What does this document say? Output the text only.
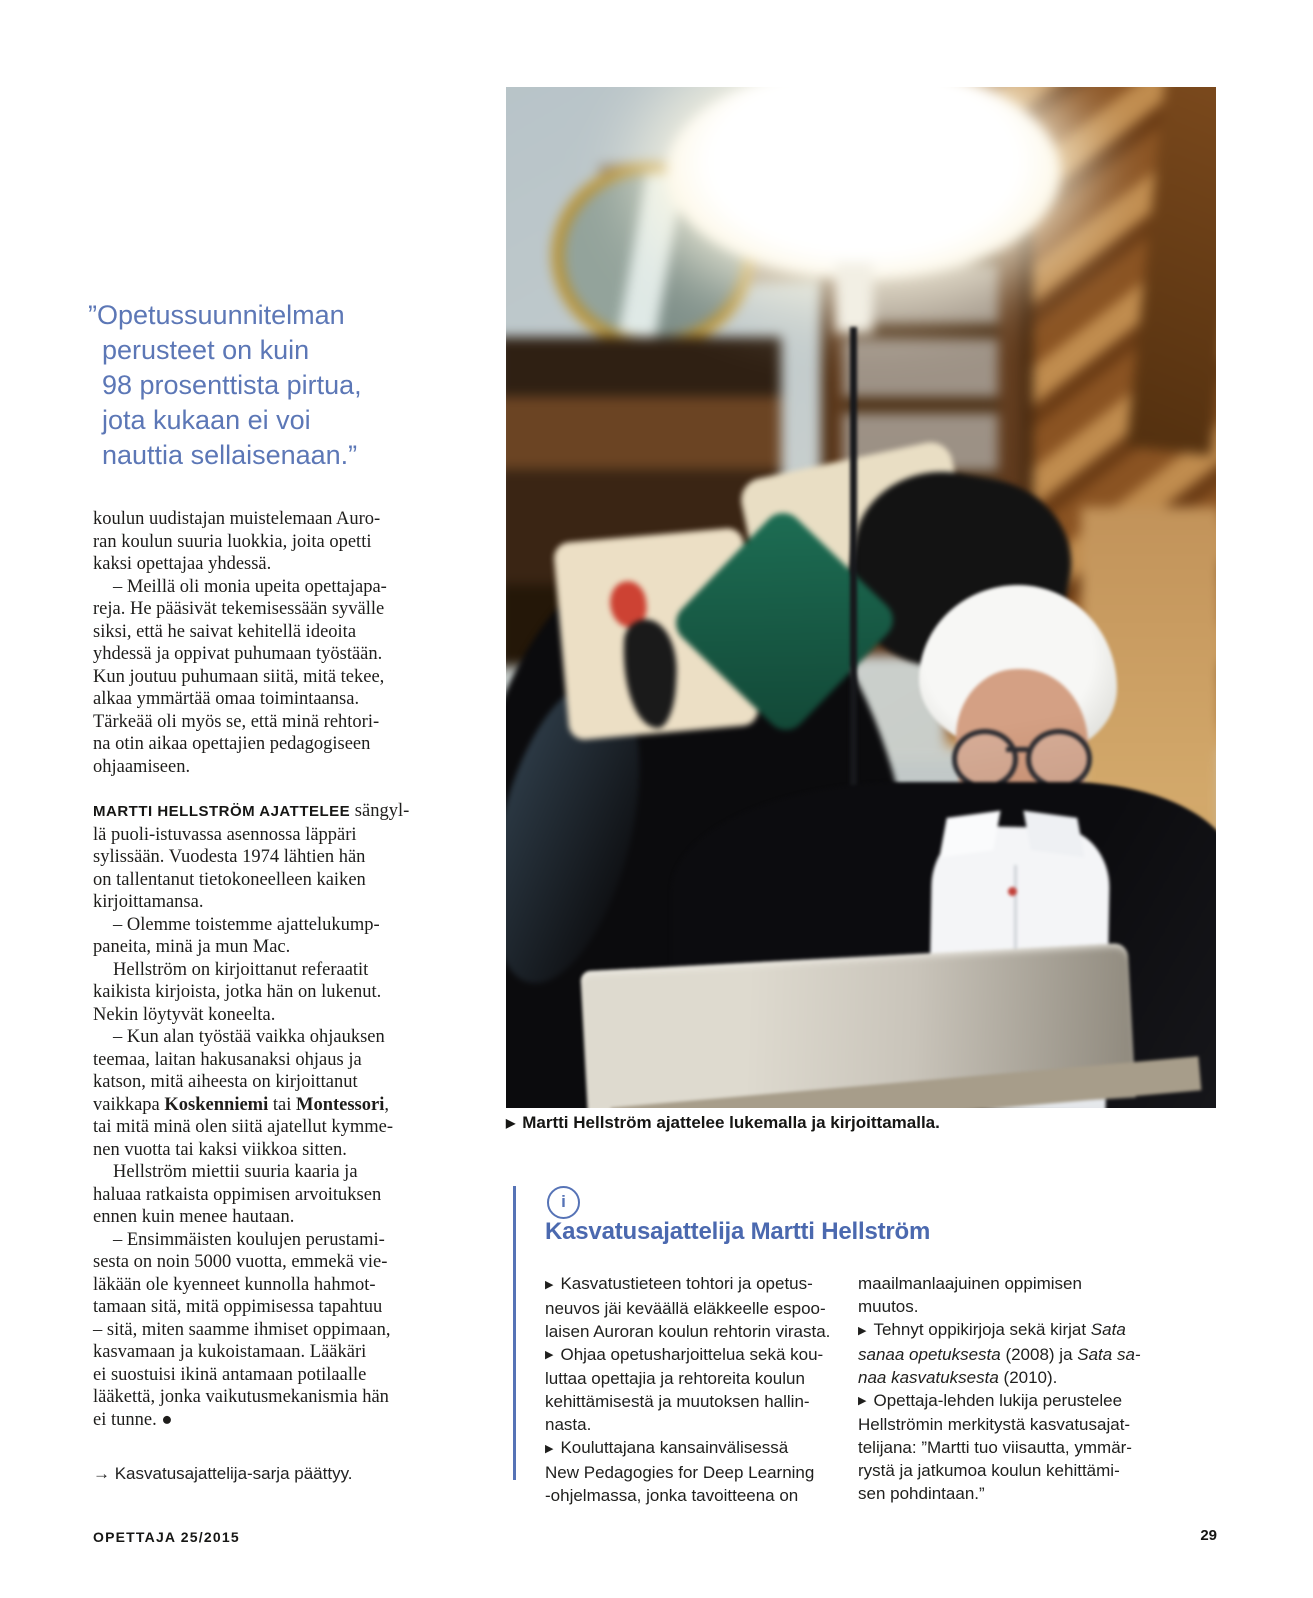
”Opetussuunnitelman
perusteet on kuin
98 prosenttista pirtua,
jota kukaan ei voi
nauttia sellaisenaan.”

koulun uudistajan muistelemaan Auro-
ran koulun suuria luokkia, joita opetti
kaksi opettajaa yhdessä.

– Meillä oli monia upeita opettajapa-
reja. He pääsivät tekemisessään syvälle
siksi, että he saivat kehitellä ideoita
yhdessä ja oppivat puhumaan työstään.
Kun joutuu puhumaan siitä, mitä tekee,
alkaa ymmärtää omaa toimintaansa.
Tärkeää oli myös se, että minä rehtori-
na otin aikaa opettajien pedagogiseen
ohjaamiseen.

MARTTI HELLSTRÖM AJATTELEE sängyl-
lä puoli-istuvassa asennossa läppäri
sylissään. Vuodesta 1974 lähtien hän
on tallentanut tietokoneelleen kaiken
kirjoittamansa.

– Olemme toistemme ajattelukump-
paneita, minä ja mun Mac.

Hellström on kirjoittanut referaatit
kaikista kirjoista, jotka hän on lukenut.
Nekin löytyvät koneelta.

– Kun alan työstää vaikka ohjauksen
teemaa, laitan hakusanaksi ohjaus ja
katson, mitä aiheesta on kirjoittanut
vaikkapa Koskenniemi tai Montessori,
tai mitä minä olen siitä ajatellut kymme-
nen vuotta tai kaksi viikkoa sitten.

Hellström miettii suuria kaaria ja
haluaa ratkaista oppimisen arvoituksen
ennen kuin menee hautaan.

– Ensimmäisten koulujen perustami-
sesta on noin 5000 vuotta, emmekä vie-
läkään ole kyenneet kunnolla hahmot-
tamaan sitä, mitä oppimisessa tapahtuu
– sitä, miten saamme ihmiset oppimaan,
kasvamaan ja kukoistamaan. Lääkäri
ei suostuisi ikinä antamaan potilaalle
lääkettä, jonka vaikutusmekanismia hän
ei tunne. ●

→ Kasvatusajattelija-sarja päättyy.
▶ Martti Hellström ajattelee lukemalla ja kirjoittamalla.
i
Kasvatusajattelija Martti Hellström

▶ Kasvatustieteen tohtori ja opetus-
neuvos jäi keväällä eläkkeelle espoo-
laisen Auroran koulun rehtorin virasta.

▶ Ohjaa opetusharjoittelua sekä kou-
luttaa opettajia ja rehtoreita koulun
kehittämisestä ja muutoksen hallin-
nasta.

▶ Kouluttajana kansainvälisessä
New Pedagogies for Deep Learning
-ohjelmassa, jonka tavoitteena on

maailmanlaajuinen oppimisen
muutos.

▶ Tehnyt oppikirjoja sekä kirjat Sata
sanaa opetuksesta (2008) ja Sata sa-
naa kasvatuksesta (2010).

▶ Opettaja-lehden lukija perustelee
Hellströmin merkitystä kasvatusajat-
telijana: ”Martti tuo viisautta, ymmär-
rystä ja jatkumoa koulun kehittämi-
sen pohdintaan.”

OPETTAJA 25/2015	29
